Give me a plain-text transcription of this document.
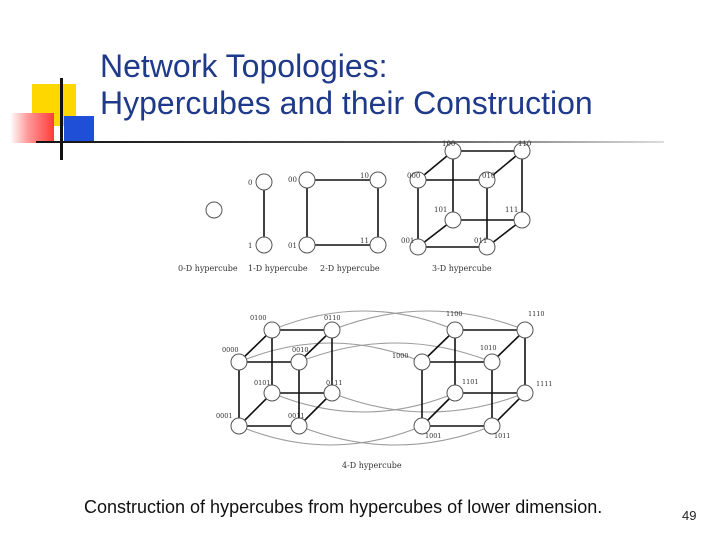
Network Topologies:
Hypercubes and their Construction
0
1
00	10
01
11
100	110
000	010
101	111
001	011
0-D hypercube 1-D hypercube 2-D hypercube	3-D hypercube
0100	0110
0000	0010
0101	0111
0001	0011
1100	1110
1000
1010
1101	1111
1001	1011
4-D hypercube
Construction of hypercubes from hypercubes of lower dimension.	49
